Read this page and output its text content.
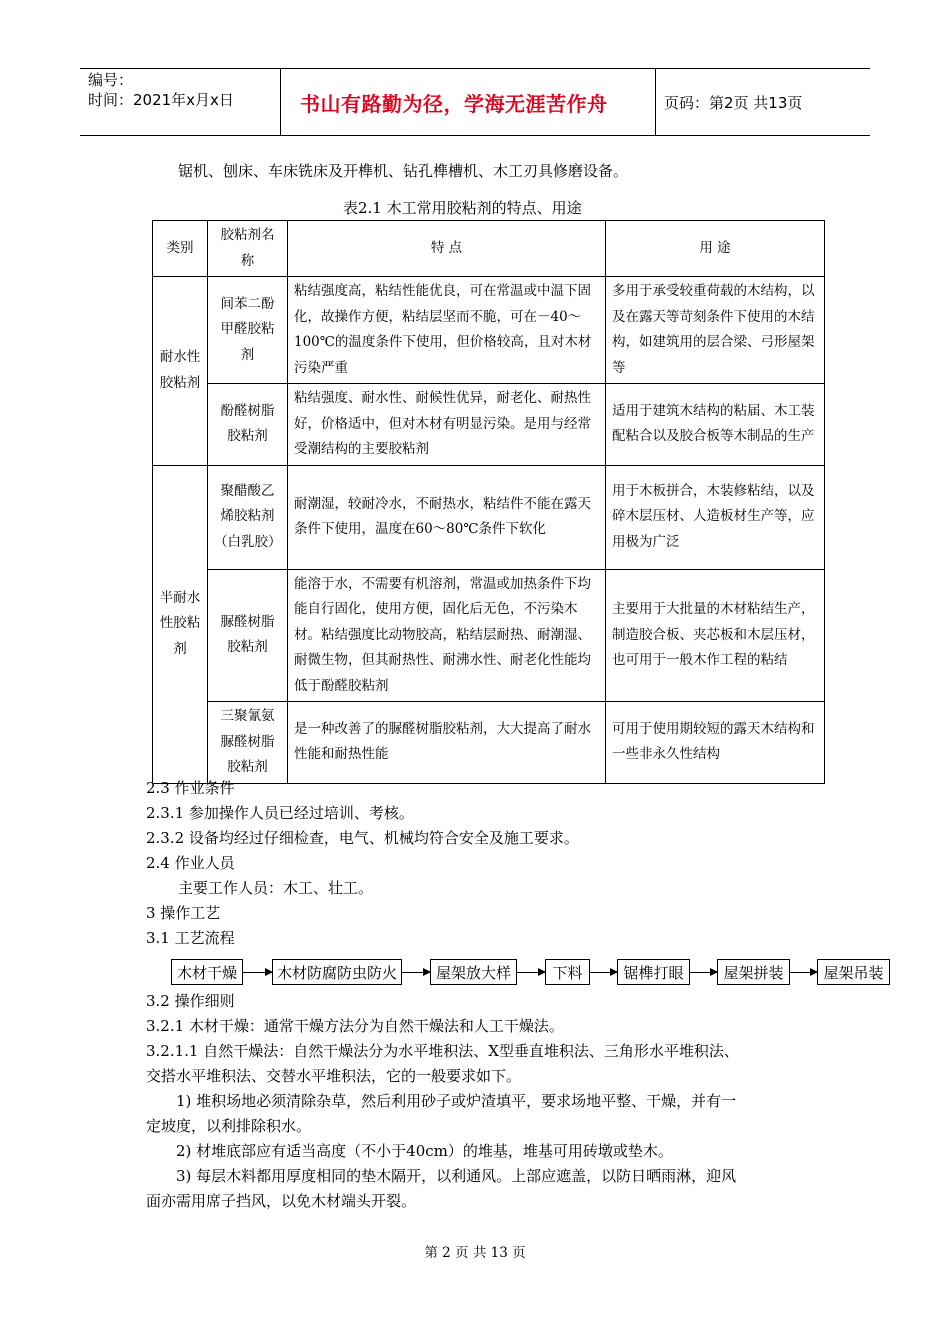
编号：
时间：2021年x月x日	书山有路勤为径，学海无涯苦作舟	页码：第2页 共13页
锯机、刨床、车床铣床及开榫机、钻孔榫槽机、木工刃具修磨设备。
表2.1 木工常用胶粘剂的特点、用途
类别	胶粘剂名 称	特 点	用 途
耐水性胶粘剂	间苯二酚甲醛胶粘剂	粘结强度高，粘结性能优良，可在常温或中温下固化，故操作方便，粘结层坚而不脆，可在－40～100℃的温度条件下使用，但价格较高，且对木材污染严重	多用于承受较重荷载的木结构，以及在露天等苛刻条件下使用的木结构，如建筑用的层合梁、弓形屋架等
	酚醛树脂胶粘剂	粘结强度、耐水性、耐候性优异，耐老化、耐热性好，价格适中，但对木材有明显污染。是用与经常受潮结构的主要胶粘剂	适用于建筑木结构的粘届、木工装配粘合以及胶合板等木制品的生产
半耐水性胶粘剂	聚醋酸乙烯胶粘剂（白乳胶）	耐潮湿，较耐冷水，不耐热水，粘结件不能在露天条件下使用，温度在60～80℃条件下软化	用于木板拼合，木装修粘结，以及碎木层压材、人造板材生产等，应用极为广泛
	脲醛树脂胶粘剂	能溶于水，不需要有机溶剂，常温或加热条件下均能自行固化，使用方便，固化后无色，不污染木材。粘结强度比动物胶高，粘结层耐热、耐潮湿、耐微生物，但其耐热性、耐沸水性、耐老化性能均低于酚醛胶粘剂	主要用于大批量的木材粘结生产，制造胶合板、夹芯板和木层压材，也可用于一般木作工程的粘结
	三聚氰氨脲醛树脂胶粘剂	是一种改善了的脲醛树脂胶粘剂，大大提高了耐水性能和耐热性能	可用于使用期较短的露天木结构和一些非永久性结构
2.3 作业条件
2.3.1 参加操作人员已经过培训、考核。
2.3.2 设备均经过仔细检查，电气、机械均符合安全及施工要求。
2.4 作业人员
主要工作人员：木工、壮工。
3 操作工艺
3.1 工艺流程
木材干燥	木材防腐防虫防火	屋架放大样	下料	锯榫打眼	屋架拼装	屋架吊装
3.2 操作细则
3.2.1 木材干燥：通常干燥方法分为自然干燥法和人工干燥法。
3.2.1.1 自然干燥法：自然干燥法分为水平堆积法、X型垂直堆积法、三角形水平堆积法、
交搭水平堆积法、交替水平堆积法，它的一般要求如下。
1) 堆积场地必须清除杂草，然后利用砂子或炉渣填平，要求场地平整、干燥，并有一
定坡度，以利排除积水。
2) 材堆底部应有适当高度（不小于40cm）的堆基，堆基可用砖墩或垫木。
3) 每层木料都用厚度相同的垫木隔开，以利通风。上部应遮盖，以防日晒雨淋，迎风
面亦需用席子挡风，以免木材端头开裂。
第 2 页 共 13 页
